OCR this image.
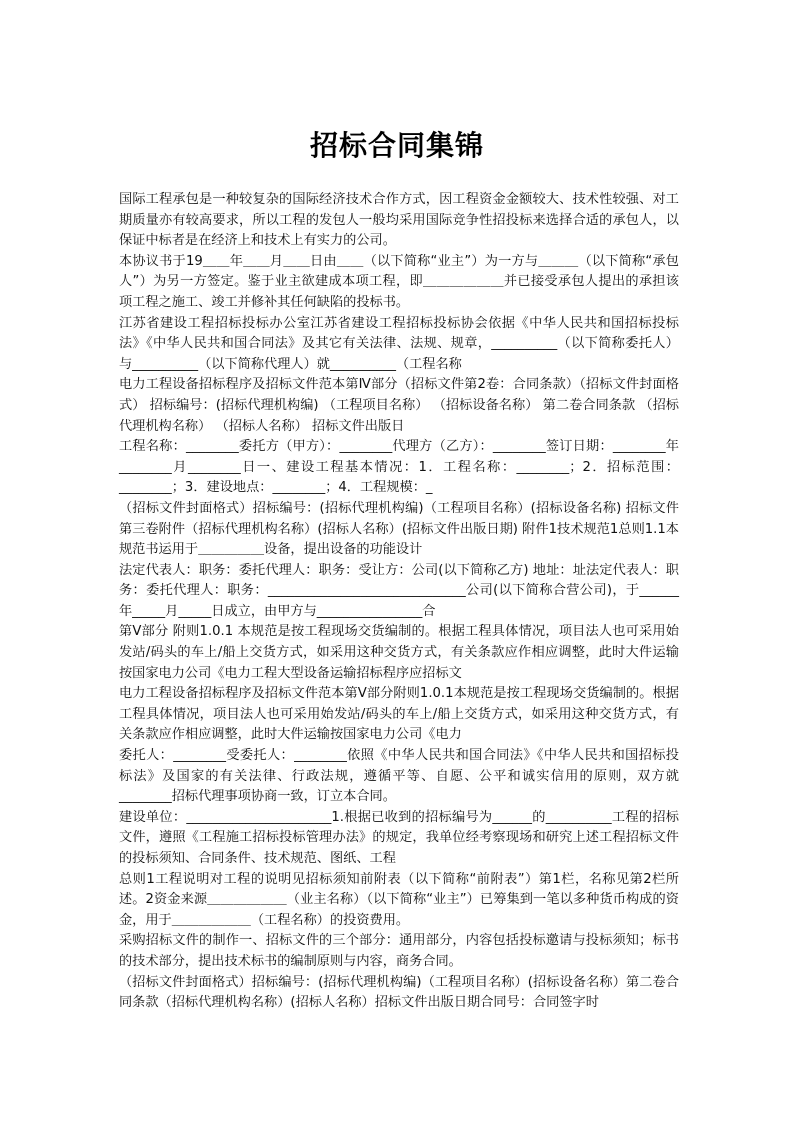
招标合同集锦

国际工程承包是一种较复杂的国际经济技术合作方式，因工程资金金额较大、技术性较强、对工期质量亦有较高要求，所以工程的发包人一般均采用国际竞争性招投标来选择合适的承包人，以保证中标者是在经济上和技术上有实力的公司。

本协议书于19＿＿年＿＿月＿＿日由＿＿（以下简称“业主”）为一方与＿＿＿（以下简称“承包人”）为另一方签定。鉴于业主欲建成本项工程，即＿＿＿＿＿＿并已接受承包人提出的承担该项工程之施工、竣工并修补其任何缺陷的投标书。

江苏省建设工程招标投标办公室江苏省建设工程招标投标协会依据《中华人民共和国招标投标法》《中华人民共和国合同法》及其它有关法律、法规、规章，__________（以下简称委托人）与__________（以下简称代理人）就__________（工程名称

电力工程设备招标程序及招标文件范本第Ⅳ部分（招标文件第2卷：合同条款）（招标文件封面格式） 招标编号：(招标代理机构编) （工程项目名称） （招标设备名称） 第二卷合同条款 （招标代理机构名称） （招标人名称） 招标文件出版日

工程名称：________委托方（甲方）：________代理方（乙方）：________签订日期：________年________月________日一、建设工程基本情况：1．工程名称：________；2．招标范围：________；3．建设地点：________；4．工程规模：_

（招标文件封面格式）招标编号：(招标代理机构编)（工程项目名称）(招标设备名称) 招标文件第三卷附件（招标代理机构名称）(招标人名称）(招标文件出版日期) 附件1技术规范1总则1.1本规范书运用于＿＿＿＿＿设备，提出设备的功能设计

法定代表人：职务：委托代理人：职务：受让方：公司(以下简称乙方) 地址：址法定代表人：职务：委托代理人：职务：______________________________公司(以下简称合营公司)，于______年_____月_____日成立，由甲方与________________合

第Ⅴ部分 附则1.0.1 本规范是按工程现场交货编制的。根据工程具体情况，项目法人也可采用始发站/码头的车上/船上交货方式，如采用这种交货方式，有关条款应作相应调整，此时大件运输按国家电力公司《电力工程大型设备运输招标程序应招标文

电力工程设备招标程序及招标文件范本第Ⅴ部分附则1.0.1本规范是按工程现场交货编制的。根据工程具体情况，项目法人也可采用始发站/码头的车上/船上交货方式，如采用这种交货方式，有关条款应作相应调整，此时大件运输按国家电力公司《电力

委托人：________受委托人：________依照《中华人民共和国合同法》《中华人民共和国招标投标法》及国家的有关法律、行政法规，遵循平等、自愿、公平和诚实信用的原则，双方就________招标代理事项协商一致，订立本合同。

建设单位：______________________1.根据已收到的招标编号为______的__________工程的招标文件，遵照《工程施工招标投标管理办法》的规定，我单位经考察现场和研究上述工程招标文件的投标须知、合同条件、技术规范、图纸、工程

总则1工程说明对工程的说明见招标须知前附表（以下简称“前附表”）第1栏，名称见第2栏所述。2资金来源＿＿＿＿＿＿（业主名称）（以下简称“业主”）已筹集到一笔以多种货币构成的资金，用于＿＿＿＿＿＿（工程名称）的投资费用。

采购招标文件的制作一、招标文件的三个部分：通用部分，内容包括投标邀请与投标须知；标书的技术部分，提出技术标书的编制原则与内容，商务合同。

（招标文件封面格式）招标编号：(招标代理机构编)（工程项目名称）(招标设备名称）第二卷合同条款（招标代理机构名称）(招标人名称）招标文件出版日期合同号：合同签字时
